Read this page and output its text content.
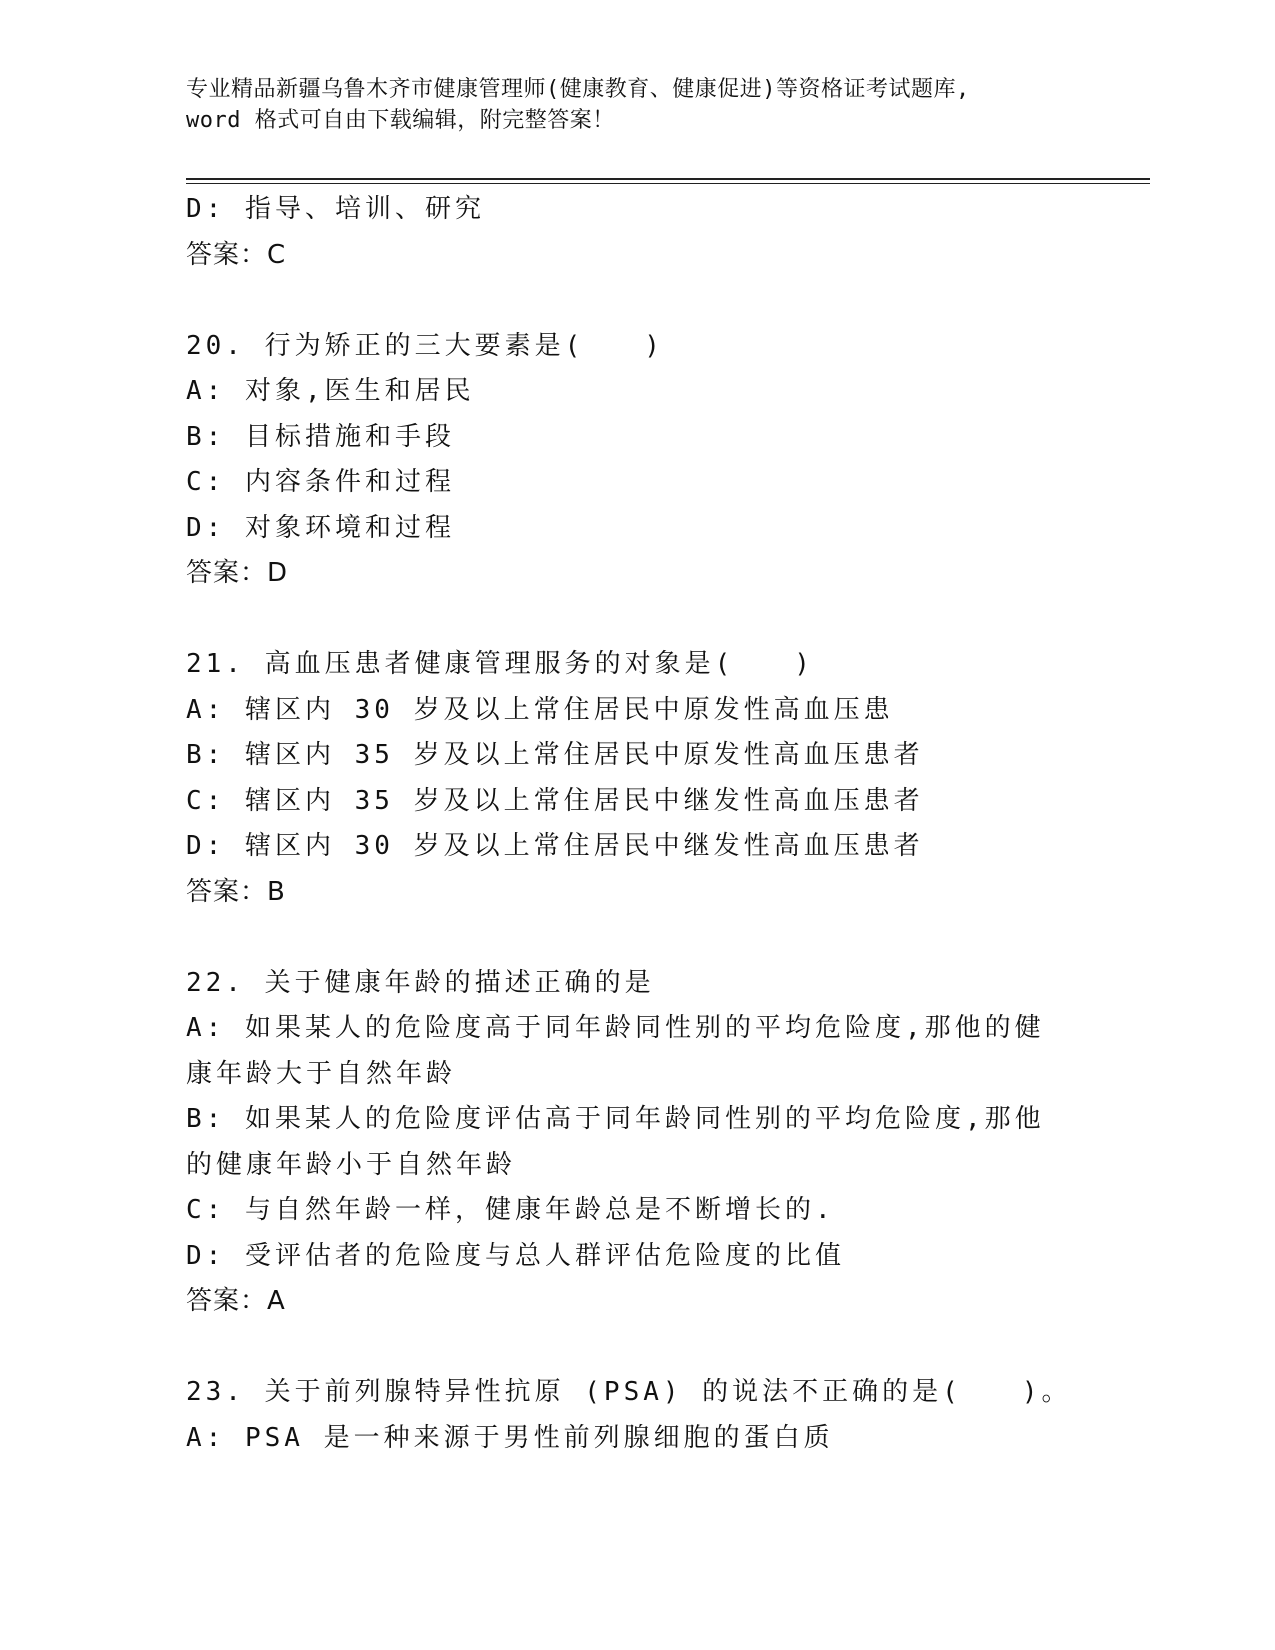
专业精品新疆乌鲁木齐市健康管理师(健康教育、健康促进)等资格证考试题库,
word 格式可自由下载编辑，附完整答案！
D: 指导、培训、研究
答案：C
20. 行为矫正的三大要素是(　　)
A: 对象,医生和居民
B: 目标措施和手段
C: 内容条件和过程
D: 对象环境和过程
答案：D
21. 高血压患者健康管理服务的对象是(　　)
A: 辖区内 30 岁及以上常住居民中原发性高血压患
B: 辖区内 35 岁及以上常住居民中原发性高血压患者
C: 辖区内 35 岁及以上常住居民中继发性高血压患者
D: 辖区内 30 岁及以上常住居民中继发性高血压患者
答案：B
22. 关于健康年龄的描述正确的是
A: 如果某人的危险度高于同年龄同性别的平均危险度,那他的健康年龄大于自然年龄
B: 如果某人的危险度评估高于同年龄同性别的平均危险度,那他的健康年龄小于自然年龄
C: 与自然年龄一样，健康年龄总是不断增长的.
D: 受评估者的危险度与总人群评估危险度的比值
答案：A
23. 关于前列腺特异性抗原 (PSA) 的说法不正确的是(　　)。
A: PSA 是一种来源于男性前列腺细胞的蛋白质
